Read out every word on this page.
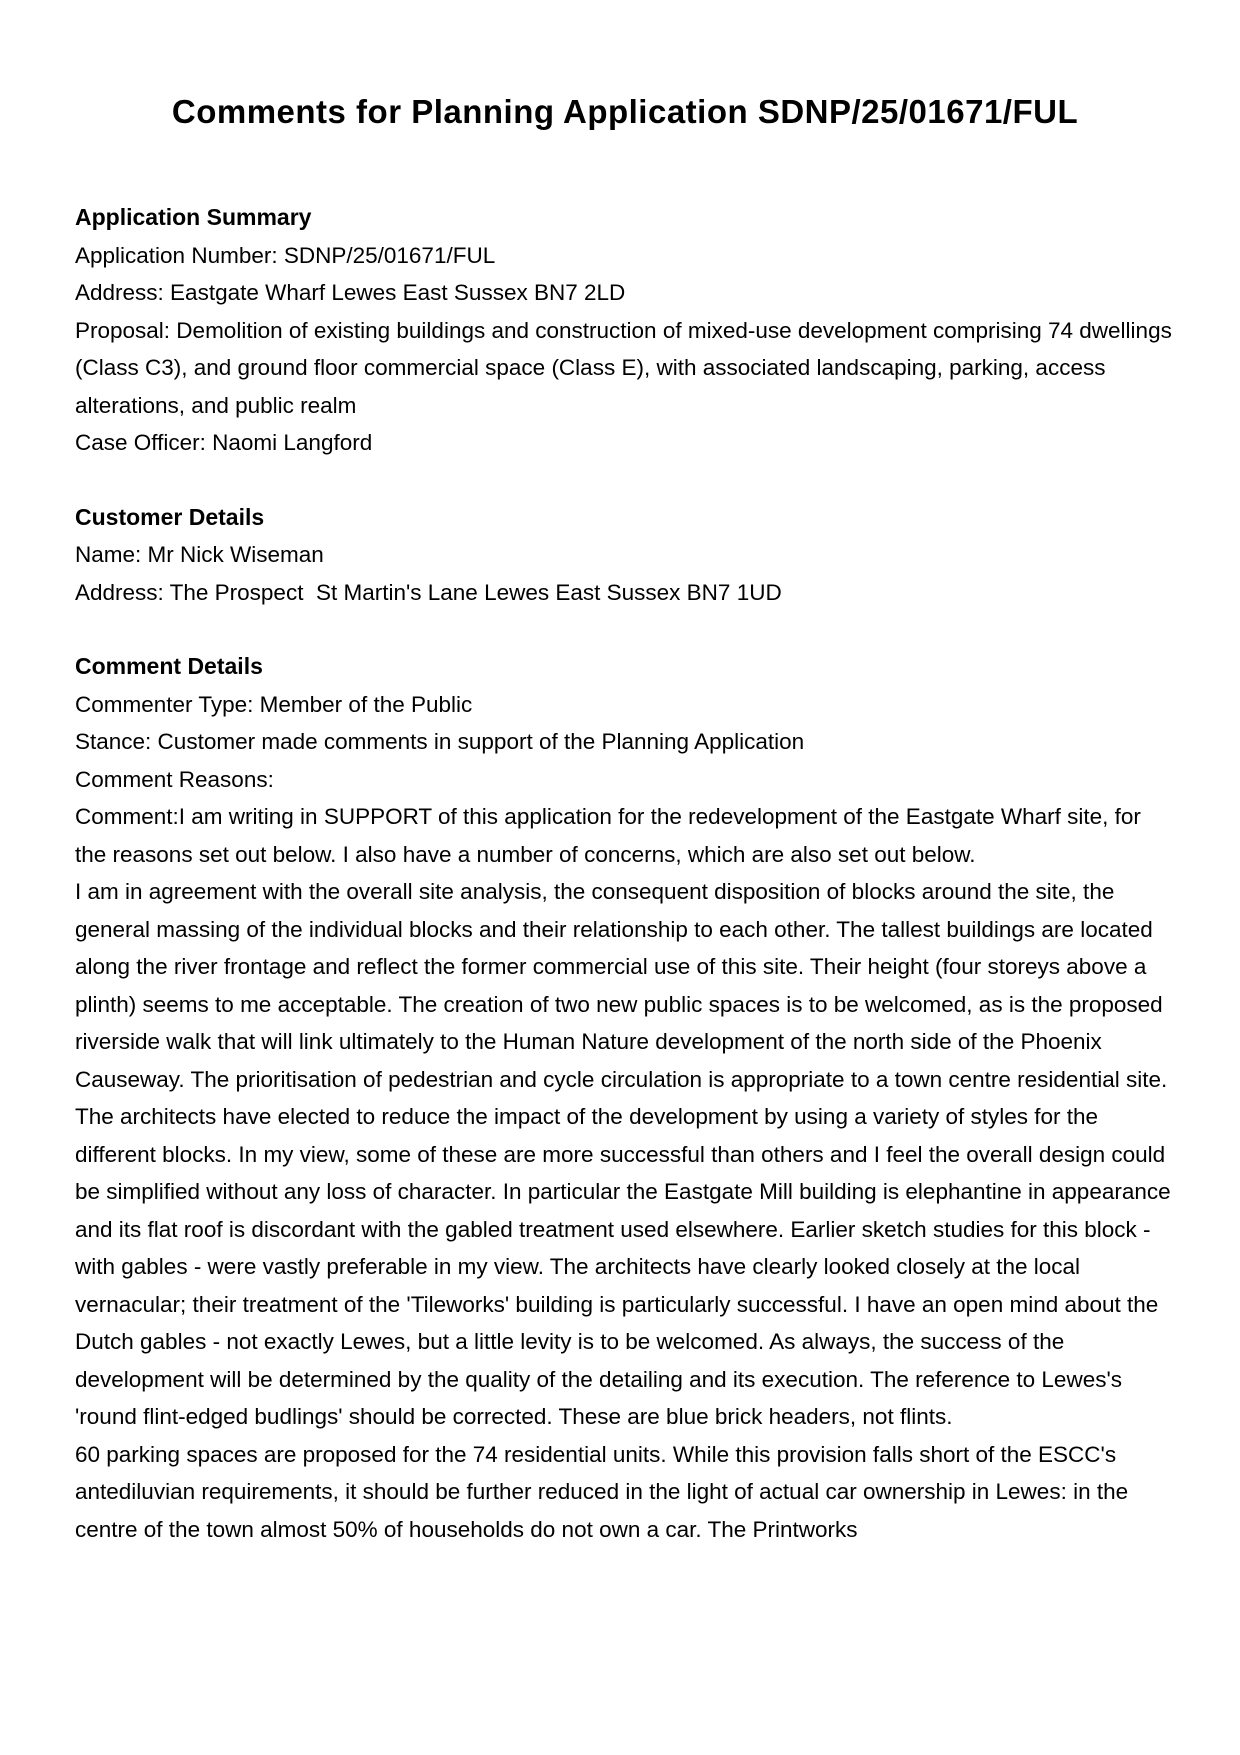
Comments for Planning Application SDNP/25/01671/FUL
Application Summary

Application Number: SDNP/25/01671/FUL

Address: Eastgate Wharf Lewes East Sussex BN7 2LD

Proposal: Demolition of existing buildings and construction of mixed-use development comprising 74 dwellings (Class C3), and ground floor commercial space (Class E), with associated landscaping, parking, access alterations, and public realm

Case Officer: Naomi Langford

Customer Details

Name: Mr Nick Wiseman

Address: The Prospect  St Martin's Lane Lewes East Sussex BN7 1UD

Comment Details

Commenter Type: Member of the Public

Stance: Customer made comments in support of the Planning Application

Comment Reasons:

Comment:I am writing in SUPPORT of this application for the redevelopment of the Eastgate Wharf site, for the reasons set out below. I also have a number of concerns, which are also set out below.

I am in agreement with the overall site analysis, the consequent disposition of blocks around the site, the general massing of the individual blocks and their relationship to each other. The tallest buildings are located along the river frontage and reflect the former commercial use of this site. Their height (four storeys above a plinth) seems to me acceptable. The creation of two new public spaces is to be welcomed, as is the proposed riverside walk that will link ultimately to the Human Nature development of the north side of the Phoenix Causeway. The prioritisation of pedestrian and cycle circulation is appropriate to a town centre residential site.

The architects have elected to reduce the impact of the development by using a variety of styles for the different blocks. In my view, some of these are more successful than others and I feel the overall design could be simplified without any loss of character. In particular the Eastgate Mill building is elephantine in appearance and its flat roof is discordant with the gabled treatment used elsewhere. Earlier sketch studies for this block - with gables - were vastly preferable in my view. The architects have clearly looked closely at the local vernacular; their treatment of the 'Tileworks' building is particularly successful. I have an open mind about the Dutch gables - not exactly Lewes, but a little levity is to be welcomed. As always, the success of the development will be determined by the quality of the detailing and its execution. The reference to Lewes's 'round flint-edged budlings' should be corrected. These are blue brick headers, not flints.

60 parking spaces are proposed for the 74 residential units. While this provision falls short of the ESCC's antediluvian requirements, it should be further reduced in the light of actual car ownership in Lewes: in the centre of the town almost 50% of households do not own a car. The Printworks
